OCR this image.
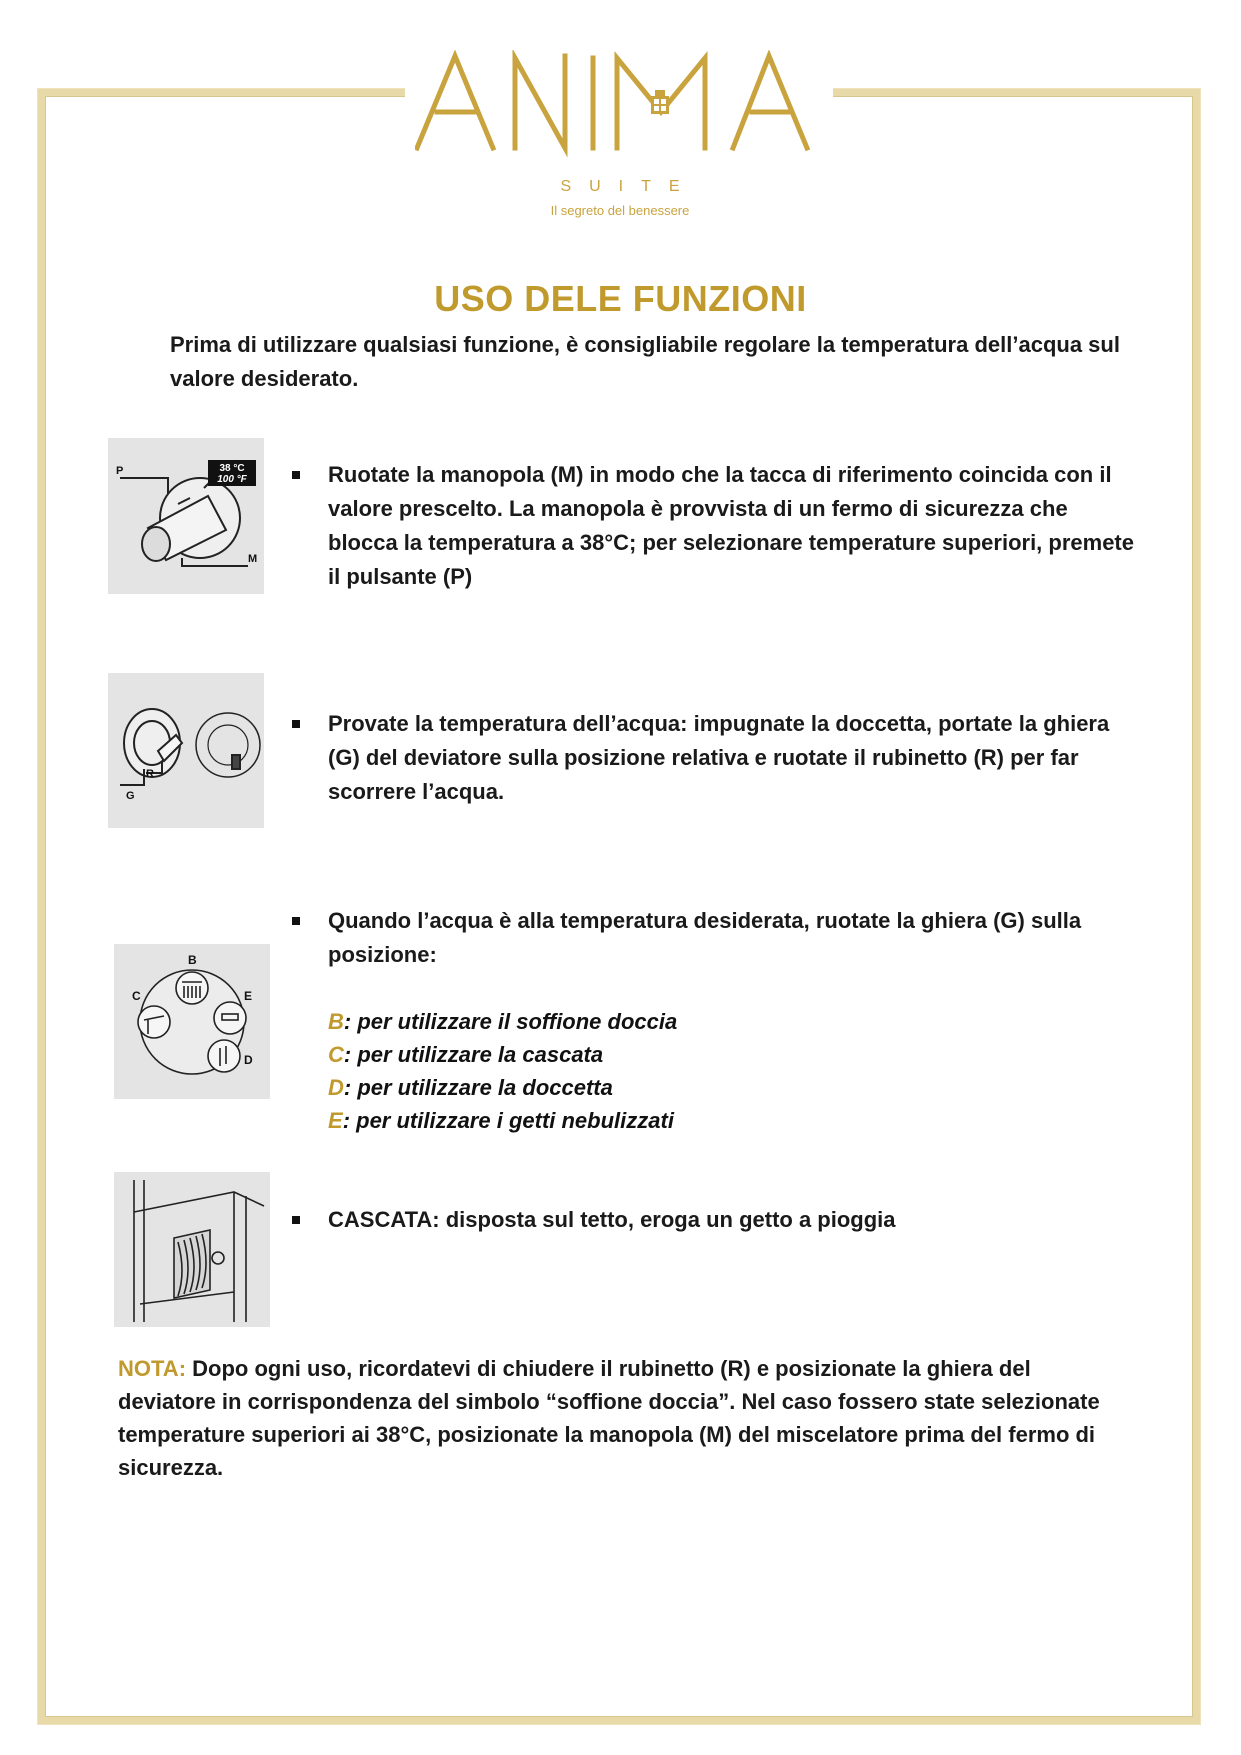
SUITE
Il segreto del benessere
USO DELE FUNZIONI
Prima di utilizzare qualsiasi funzione, è consigliabile regolare la temperatura dell’acqua sul valore desiderato.
38 °C
100 °F
P
M
Ruotate la manopola (M) in modo che la tacca di riferimento coincida con il valore prescelto. La manopola è provvista di un fermo di sicurezza che blocca la temperatura a 38°C; per selezionare temperature superiori, premete il pulsante (P)
G
R
Provate la temperatura dell’acqua: impugnate la doccetta, portate la ghiera (G) del deviatore sulla posizione relativa e ruotate il rubinetto (R) per far scorrere l’acqua.
B
C	E
D
Quando l’acqua è alla temperatura desiderata, ruotate la ghiera (G) sulla posizione:
B: per utilizzare il soffione doccia
C: per utilizzare la cascata
D: per utilizzare la doccetta
E: per utilizzare i getti nebulizzati
CASCATA: disposta sul tetto, eroga un getto a pioggia
NOTA: Dopo ogni uso, ricordatevi di chiudere il rubinetto (R) e posizionate la ghiera del deviatore in corrispondenza del simbolo “soffione doccia”. Nel caso fossero state selezionate temperature superiori ai 38°C, posizionate la manopola (M) del miscelatore prima del fermo di sicurezza.
